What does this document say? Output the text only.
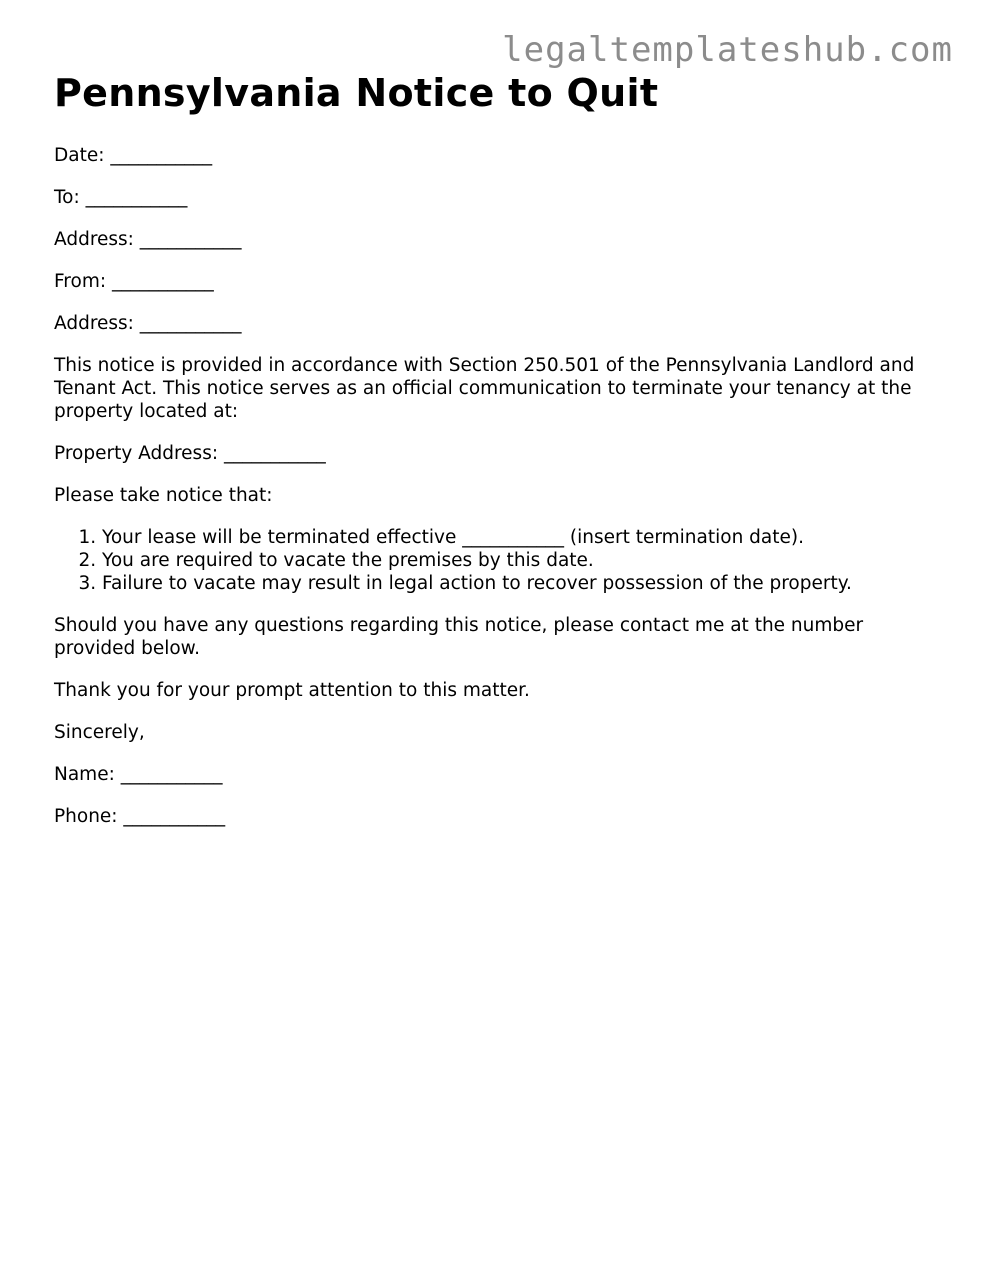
legaltemplateshub.com
Pennsylvania Notice to Quit

Date: ___________

To: ___________

Address: ___________

From: ___________

Address: ___________

This notice is provided in accordance with Section 250.501 of the Pennsylvania Landlord and Tenant Act. This notice serves as an official communication to terminate your tenancy at the property located at:

Property Address: ___________

Please take notice that:

1. Your lease will be terminated effective ___________ (insert termination date).
2. You are required to vacate the premises by this date.
3. Failure to vacate may result in legal action to recover possession of the property.

Should you have any questions regarding this notice, please contact me at the number provided below.

Thank you for your prompt attention to this matter.

Sincerely,

Name: ___________

Phone: ___________
